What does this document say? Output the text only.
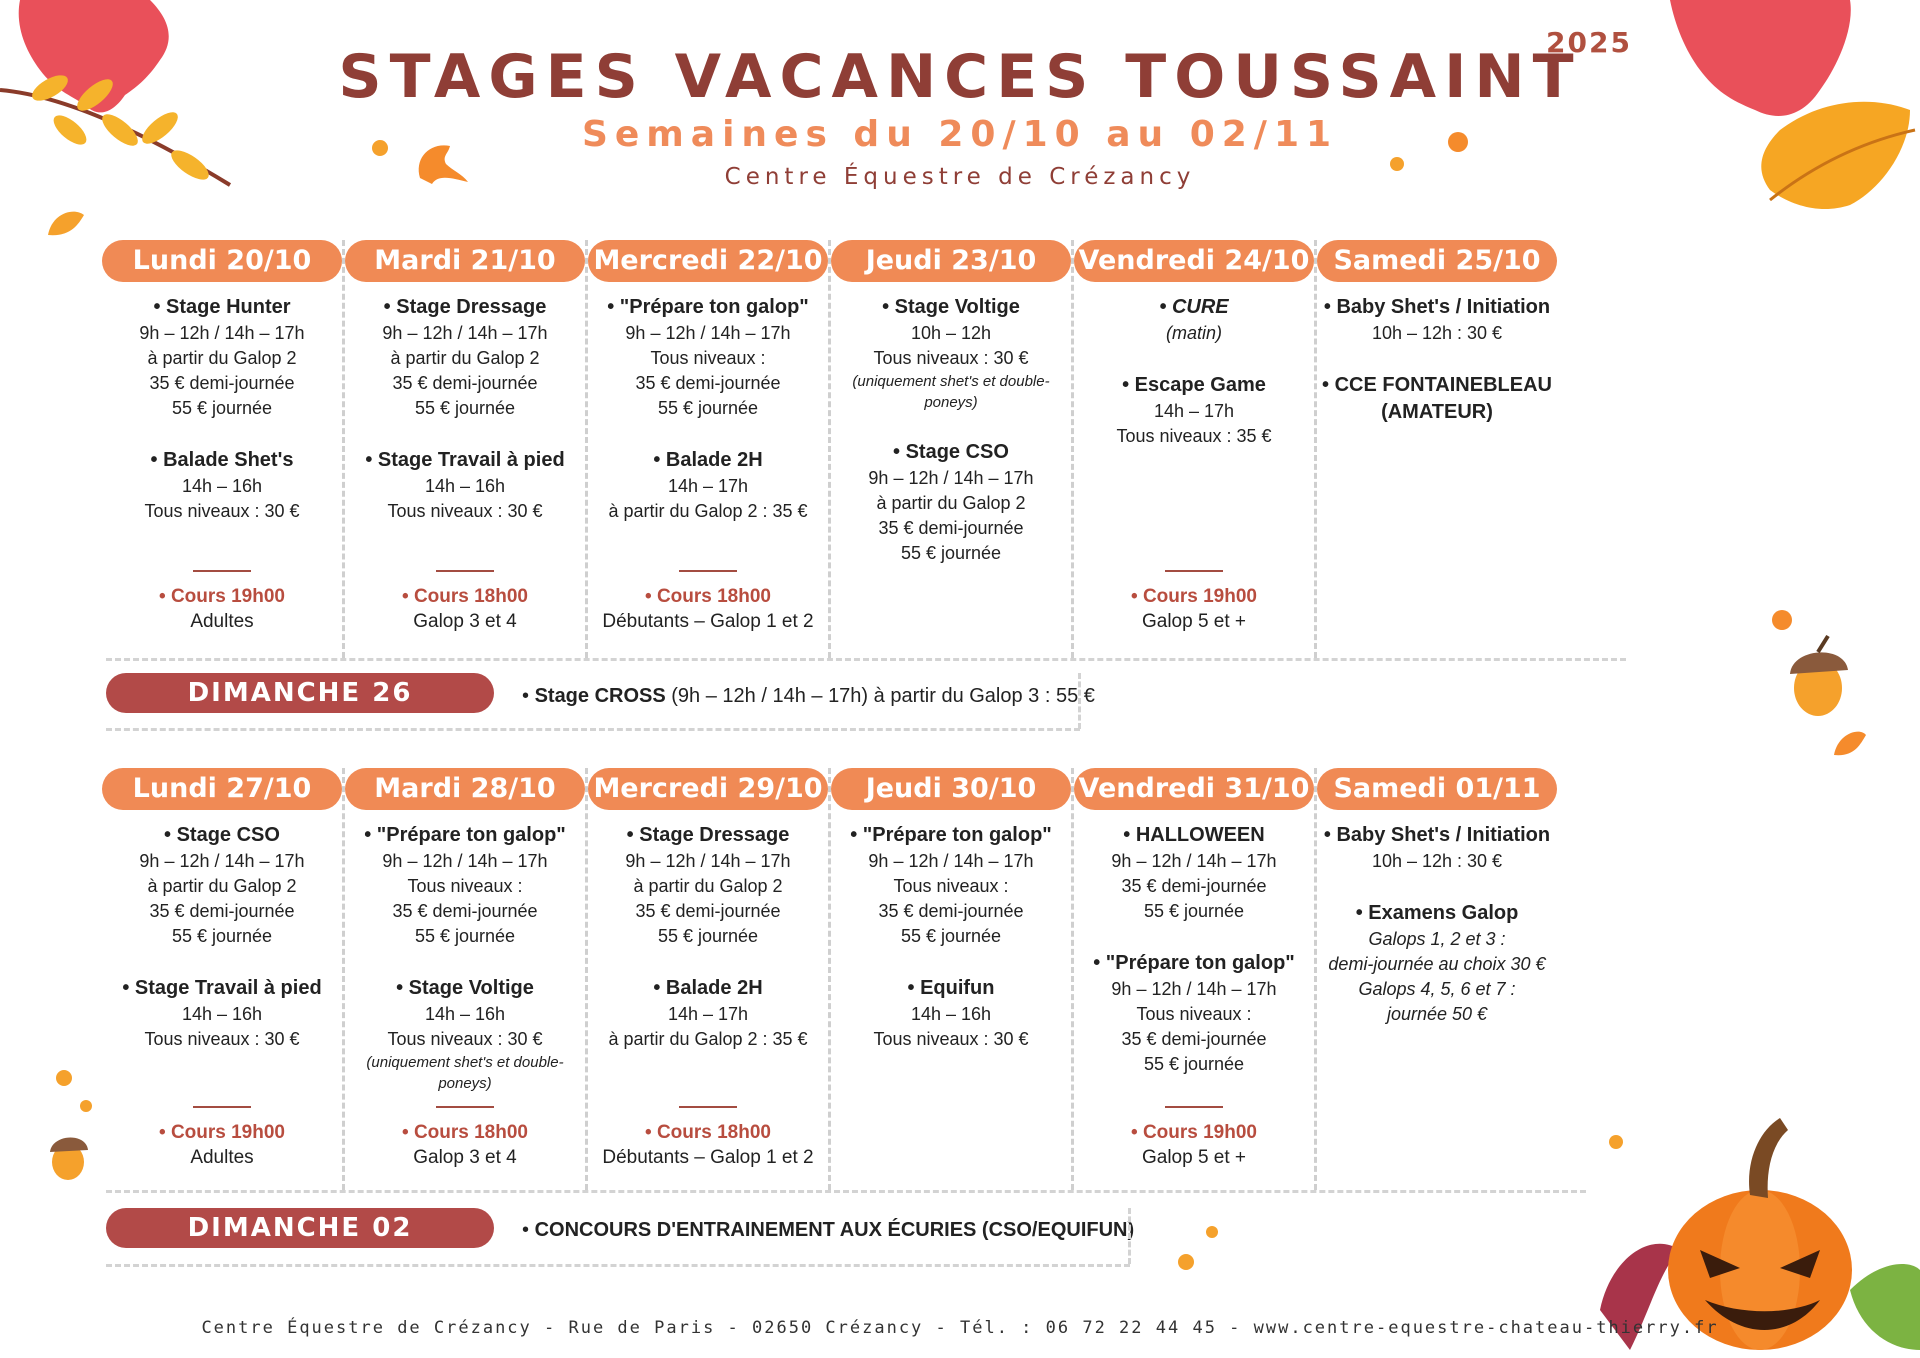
STAGES VACANCES TOUSSAINT
2025
Semaines du 20/10 au 02/11
Centre Équestre de Crézancy
Lundi 20/10
• Stage Hunter
9h – 12h / 14h – 17h
à partir du Galop 2
35 € demi-journée
55 € journée
• Balade Shet's
14h – 16h
Tous niveaux : 30 €
• Cours 19h00
Adultes
Mardi 21/10
• Stage Dressage
9h – 12h / 14h – 17h
à partir du Galop 2
35 € demi-journée
55 € journée
• Stage Travail à pied
14h – 16h
Tous niveaux : 30 €
• Cours 18h00
Galop 3 et 4
Mercredi 22/10
• "Prépare ton galop"
9h – 12h / 14h – 17h
Tous niveaux :
35 € demi-journée
55 € journée
• Balade 2H
14h – 17h
à partir du Galop 2 : 35 €
• Cours 18h00
Débutants – Galop 1 et 2
Jeudi 23/10
• Stage Voltige
10h – 12h
Tous niveaux : 30 €
(uniquement shet's et double-poneys)
• Stage CSO
9h – 12h / 14h – 17h
à partir du Galop 2
35 € demi-journée
55 € journée
Vendredi 24/10
• CURE
(matin)
• Escape Game
14h – 17h
Tous niveaux : 35 €
• Cours 19h00
Galop 5 et +
Samedi 25/10
• Baby Shet's / Initiation
10h – 12h : 30 €
• CCE FONTAINEBLEAU (AMATEUR)
DIMANCHE 26 OCTOBRE
• Stage CROSS (9h – 12h / 14h – 17h) à partir du Galop 3 : 55 €
Lundi 27/10
• Stage CSO
9h – 12h / 14h – 17h
à partir du Galop 2
35 € demi-journée
55 € journée
• Stage Travail à pied
14h – 16h
Tous niveaux : 30 €
• Cours 19h00
Adultes
Mardi 28/10
• "Prépare ton galop"
9h – 12h / 14h – 17h
Tous niveaux :
35 € demi-journée
55 € journée
• Stage Voltige
14h – 16h
Tous niveaux : 30 €
(uniquement shet's et double-poneys)
• Cours 18h00
Galop 3 et 4
Mercredi 29/10
• Stage Dressage
9h – 12h / 14h – 17h
à partir du Galop 2
35 € demi-journée
55 € journée
• Balade 2H
14h – 17h
à partir du Galop 2 : 35 €
• Cours 18h00
Débutants – Galop 1 et 2
Jeudi 30/10
• "Prépare ton galop"
9h – 12h / 14h – 17h
Tous niveaux :
35 € demi-journée
55 € journée
• Equifun
14h – 16h
Tous niveaux : 30 €
Vendredi 31/10
• HALLOWEEN
9h – 12h / 14h – 17h
35 € demi-journée
55 € journée
• "Prépare ton galop"
9h – 12h / 14h – 17h
Tous niveaux :
35 € demi-journée
55 € journée
• Cours 19h00
Galop 5 et +
Samedi 01/11
• Baby Shet's / Initiation
10h – 12h : 30 €
• Examens Galop
Galops 1, 2 et 3 :
demi-journée au choix 30 €
Galops 4, 5, 6 et 7 :
journée 50 €
DIMANCHE 02 NOVEMBRE
• CONCOURS D'ENTRAINEMENT AUX ÉCURIES (CSO/EQUIFUN)
Centre Équestre de Crézancy - Rue de Paris - 02650 Crézancy - Tél. : 06 72 22 44 45 - www.centre-equestre-chateau-thierry.fr
